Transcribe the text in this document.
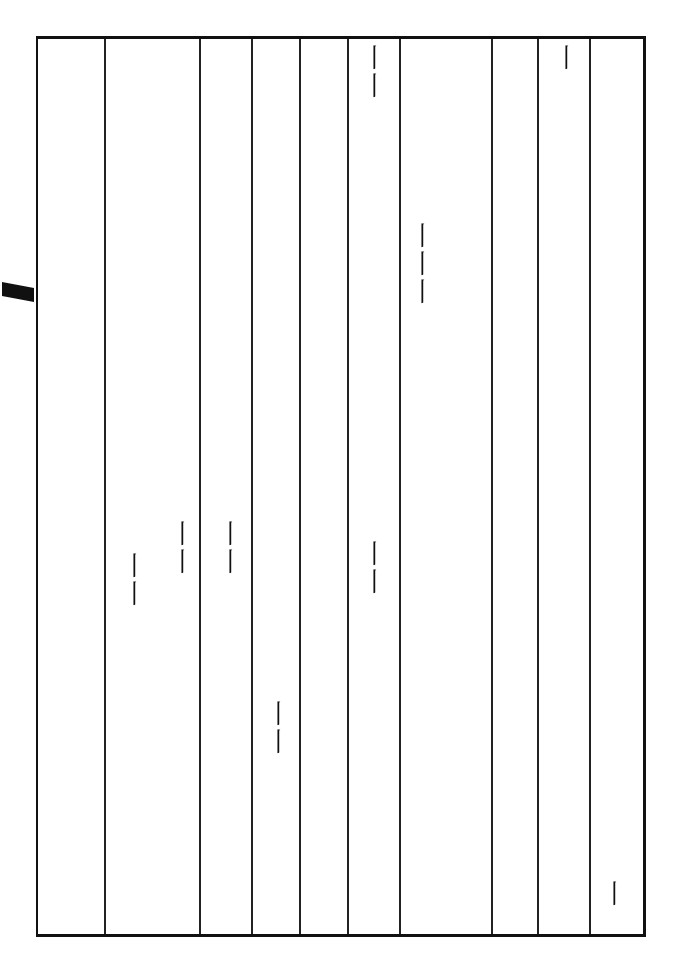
丨
丨
丨丨丨
丨丨
丨丨
丨丨
丨丨
丨丨
丨丨
